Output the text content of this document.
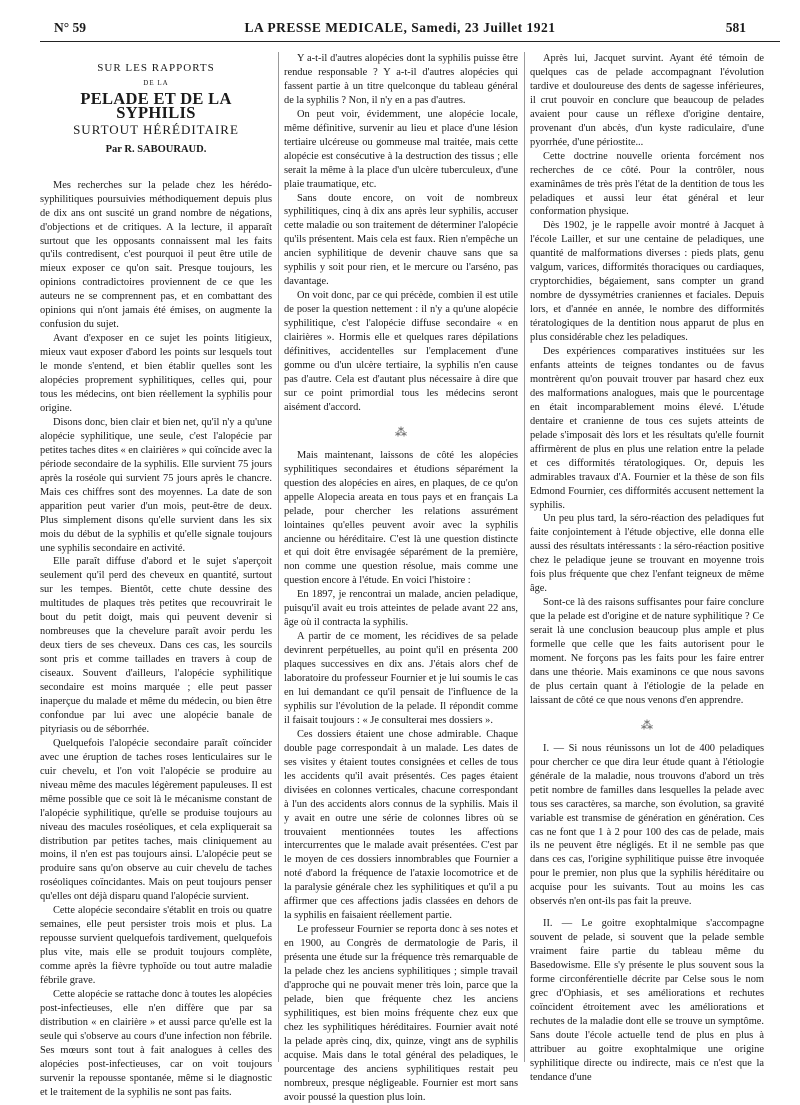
N° 59	LA PRESSE MEDICALE, Samedi, 23 Juillet 1921	581
SUR LES RAPPORTS
DE LA
PELADE ET DE LA SYPHILIS
SURTOUT HÉRÉDITAIRE
Par R. SABOURAUD.

Mes recherches sur la pelade chez les hérédo-syphilitiques poursuivies méthodiquement depuis plus de dix ans ont suscité un grand nombre de négations, d'objections et de critiques. A la lecture, il apparaît surtout que les opposants connaissent mal les faits qu'ils contredisent, c'est pourquoi il peut être utile de mieux exposer ce qu'on sait. Presque toujours, les opinions contradictoires proviennent de ce que les auteurs ne se comprennent pas, et en combattant des opinions qui n'ont jamais été émises, on augmente la confusion du sujet.

Avant d'exposer en ce sujet les points litigieux, mieux vaut exposer d'abord les points sur lesquels tout le monde s'entend, et bien établir quelles sont les alopécies proprement syphilitiques, celles qui, pour tous les médecins, ont bien réellement la syphilis pour origine.

Disons donc, bien clair et bien net, qu'il n'y a qu'une alopécie syphilitique, une seule, c'est l'alopécie par petites taches dites « en clairières » qui coïncide avec la période secondaire de la syphilis. Elle survient 75 jours après la roséole qui survient 75 jours après le chancre. Mais ces chiffres sont des moyennes. La date de son apparition peut varier d'un mois, peut-être de deux. Plus simplement disons qu'elle survient dans les six mois du début de la syphilis et qu'elle signale toujours une syphilis secondaire en activité.

Elle paraît diffuse d'abord et le sujet s'aperçoit seulement qu'il perd des cheveux en quantité, surtout sur les tempes. Bientôt, cette chute dessine des multitudes de plaques très petites que recouvrirait le bout du petit doigt, mais qui peuvent devenir si nombreuses que la chevelure paraît avoir perdu les deux tiers de ses cheveux. Dans ces cas, les sourcils sont pris et comme taillades en travers à coup de ciseaux. Souvent d'ailleurs, l'alopécie syphilitique secondaire est moins marquée ; elle peut passer inaperçue du malade et même du médecin, ou bien être confondue par lui avec une alopécie banale de pityriasis ou de séborrhée.

Quelquefois l'alopécie secondaire paraît coïncider avec une éruption de taches roses lenticulaires sur le cuir chevelu, et l'on voit l'alopécie se produire au niveau même des macules légèrement papuleuses. Il est même possible que ce soit là le mécanisme constant de l'alopécie syphilitique, qu'elle se produise toujours au niveau des macules roséoliques, et cela expliquerait sa distribution par petites taches, mais cliniquement au moins, il n'en est pas toujours ainsi. L'alopécie peut se produire sans qu'on observe au cuir chevelu de taches roséoliques coïncidantes. Mais on peut toujours penser qu'elles ont déjà disparu quand l'alopécie survient.

Cette alopécie secondaire s'établit en trois ou quatre semaines, elle peut persister trois mois et plus. La repousse survient quelquefois tardivement, quelquefois plus vite, mais elle se produit toujours complète, comme après la fièvre typhoïde ou tout autre maladie fébrile grave.

Cette alopécie se rattache donc à toutes les alopécies post-infectieuses, elle n'en diffère que par sa distribution « en clairière » et aussi parce qu'elle est la seule qui s'observe au cours d'une infection non fébrile. Ses mœurs sont tout à fait analogues à celles des alopécies post-infectieuses, car on voit toujours survenir la repousse spontanée, même si le diagnostic et le traitement de la syphilis ne sont pas faits.

Y a-t-il d'autres alopécies dont la syphilis puisse être rendue responsable ? Y a-t-il d'autres alopécies qui fassent partie à un titre quelconque du tableau général de la syphilis ? Non, il n'y en a pas d'autres.

On peut voir, évidemment, une alopécie locale, même définitive, survenir au lieu et place d'une lésion tertiaire ulcéreuse ou gommeuse mal traitée, mais cette alopécie est consécutive à la destruction des tissus ; elle serait la même à la place d'un ulcère tuberculeux, d'une plaie traumatique, etc.

Sans doute encore, on voit de nombreux syphilitiques, cinq à dix ans après leur syphilis, accuser cette maladie ou son traitement de déterminer l'alopécie qu'ils présentent. Mais cela est faux. Rien n'empêche un ancien syphilitique de devenir chauve sans que sa syphilis y soit pour rien, et le mercure ou l'arséno, pas davantage.

On voit donc, par ce qui précède, combien il est utile de poser la question nettement : il n'y a qu'une alopécie syphilitique, c'est l'alopécie diffuse secondaire « en clairières ». Hormis elle et quelques rares dépilations définitives, accidentelles sur l'emplacement d'une gomme ou d'un ulcère tertiaire, la syphilis n'en cause pas d'autre. Cela est d'autant plus nécessaire à dire que sur ce point primordial tous les médecins seront aisément d'accord.

⁂

Mais maintenant, laissons de côté les alopécies syphilitiques secondaires et étudions séparément la question des alopécies en aires, en plaques, de ce qu'on appelle Alopecia areata en tous pays et en français La pelade, pour chercher les relations assurément lointaines qu'elles peuvent avoir avec la syphilis ancienne ou héréditaire. C'est là une question distincte et qui doit être envisagée séparément de la première, non comme une question résolue, mais comme une question encore à l'étude. En voici l'histoire :

En 1897, je rencontrai un malade, ancien peladique, puisqu'il avait eu trois atteintes de pelade avant 22 ans, âge où il contracta la syphilis.

A partir de ce moment, les récidives de sa pelade devinrent perpétuelles, au point qu'il en présenta 200 plaques successives en dix ans. J'étais alors chef de laboratoire du professeur Fournier et je lui soumis le cas en lui demandant ce qu'il pensait de l'influence de la syphilis sur l'évolution de la pelade. Il répondit comme il faisait toujours : « Je consulterai mes dossiers ».

Ces dossiers étaient une chose admirable. Chaque double page correspondait à un malade. Les dates de ses visites y étaient toutes consignées et celles de tous les accidents qu'il avait présentés. Ces pages étaient divisées en colonnes verticales, chacune correspondant à l'un des accidents alors connus de la syphilis. Mais il y avait en outre une série de colonnes libres où se trouvaient mentionnées toutes les affections intercurrentes que le malade avait présentées. C'est par le moyen de ces dossiers innombrables que Fournier a noté d'abord la fréquence de l'ataxie locomotrice et de la paralysie générale chez les syphilitiques et qu'il a pu affirmer que ces affections jadis classées en dehors de la syphilis en faisaient réellement partie.

Le professeur Fournier se reporta donc à ses notes et en 1900, au Congrès de dermatologie de Paris, il présenta une étude sur la fréquence très remarquable de la pelade chez les anciens syphilitiques ; simple travail d'approche qui ne pouvait mener très loin, parce que la pelade, bien que fréquente chez les anciens syphilitiques, est bien moins fréquente chez eux que chez les syphilitiques héréditaires. Fournier avait noté la pelade après cinq, dix, quinze, vingt ans de syphilis acquise. Mais dans le total général des peladiques, le pourcentage des anciens syphilitiques restait peu nombreux, presque négligeable. Fournier est mort sans avoir poussé la question plus loin.

Après lui, Jacquet survint. Ayant été témoin de quelques cas de pelade accompagnant l'évolution tardive et douloureuse des dents de sagesse inférieures, il crut pouvoir en conclure que beaucoup de pelades avaient pour cause un réflexe d'origine dentaire, provenant d'un abcès, d'un kyste radiculaire, d'une pyorrhée, d'une périostite...

Cette doctrine nouvelle orienta forcément nos recherches de ce côté. Pour la contrôler, nous examinâmes de très près l'état de la dentition de tous les peladiques et aussi leur état général et leur conformation physique.

Dès 1902, je le rappelle avoir montré à Jacquet à l'école Lailler, et sur une centaine de peladiques, une quantité de malformations diverses : pieds plats, genu valgum, varices, difformités thoraciques ou cardiaques, cryptorchidies, bégaiement, sans compter un grand nombre de dyssymétries craniennes et faciales. Depuis lors, et d'année en année, le nombre des difformités tératologiques de la dentition nous apparut de plus en plus considérable chez les peladiques.

Des expériences comparatives instituées sur les enfants atteints de teignes tondantes ou de favus montrèrent qu'on pouvait trouver par hasard chez eux des malformations analogues, mais que le pourcentage en était incomparablement moins élevé. L'étude dentaire et cranienne de tous ces sujets atteints de pelade s'imposait dès lors et les résultats qu'elle fournit affirmèrent de plus en plus une relation entre la pelade et ces difformités tératologiques. Or, depuis les admirables travaux d'A. Fournier et la thèse de son fils Edmond Fournier, ces difformités accusent nettement la syphilis.

Un peu plus tard, la séro-réaction des peladiques fut faite conjointement à l'étude objective, elle donna elle aussi des résultats intéressants : la séro-réaction positive chez le peladique jeune se trouvant en moyenne trois fois plus fréquente que chez l'enfant teigneux de même âge.

Sont-ce là des raisons suffisantes pour faire conclure que la pelade est d'origine et de nature syphilitique ? Ce serait là une conclusion beaucoup plus ample et plus formelle que celle que les faits autorisent pour le moment. Ne forçons pas les faits pour les faire entrer dans une théorie. Mais examinons ce que nous savons de plus certain quant à l'étiologie de la pelade en laissant de côté ce que nous venons d'en apprendre.

⁂

I. — Si nous réunissons un lot de 400 peladiques pour chercher ce que dira leur étude quant à l'étiologie générale de la maladie, nous trouvons d'abord un très petit nombre de familles dans lesquelles la pelade avec tous ses caractères, sa marche, son évolution, sa gravité variable est transmise de génération en génération. Ces cas ne font que 1 à 2 pour 100 des cas de pelade, mais ils ne peuvent être négligés. Et il ne semble pas que dans ces cas, l'origine syphilitique puisse être invoquée pour le premier, non plus que la syphilis héréditaire ou acquise pour les suivants. Tout au moins les cas observés n'en ont-ils pas fait la preuve.

II. — Le goitre exophtalmique s'accompagne souvent de pelade, si souvent que la pelade semble vraiment faire partie du tableau même du Basedowisme. Elle s'y présente le plus souvent sous la forme circonférentielle décrite par Celse sous le nom grec d'Ophiasis, et ses améliorations et rechutes coïncident étroitement avec les améliorations et rechutes de la maladie dont elle se trouve un symptôme. Sans doute l'école actuelle tend de plus en plus à attribuer au goitre exophtalmique une origine syphilitique directe ou indirecte, mais ce n'est que la tendance d'une
